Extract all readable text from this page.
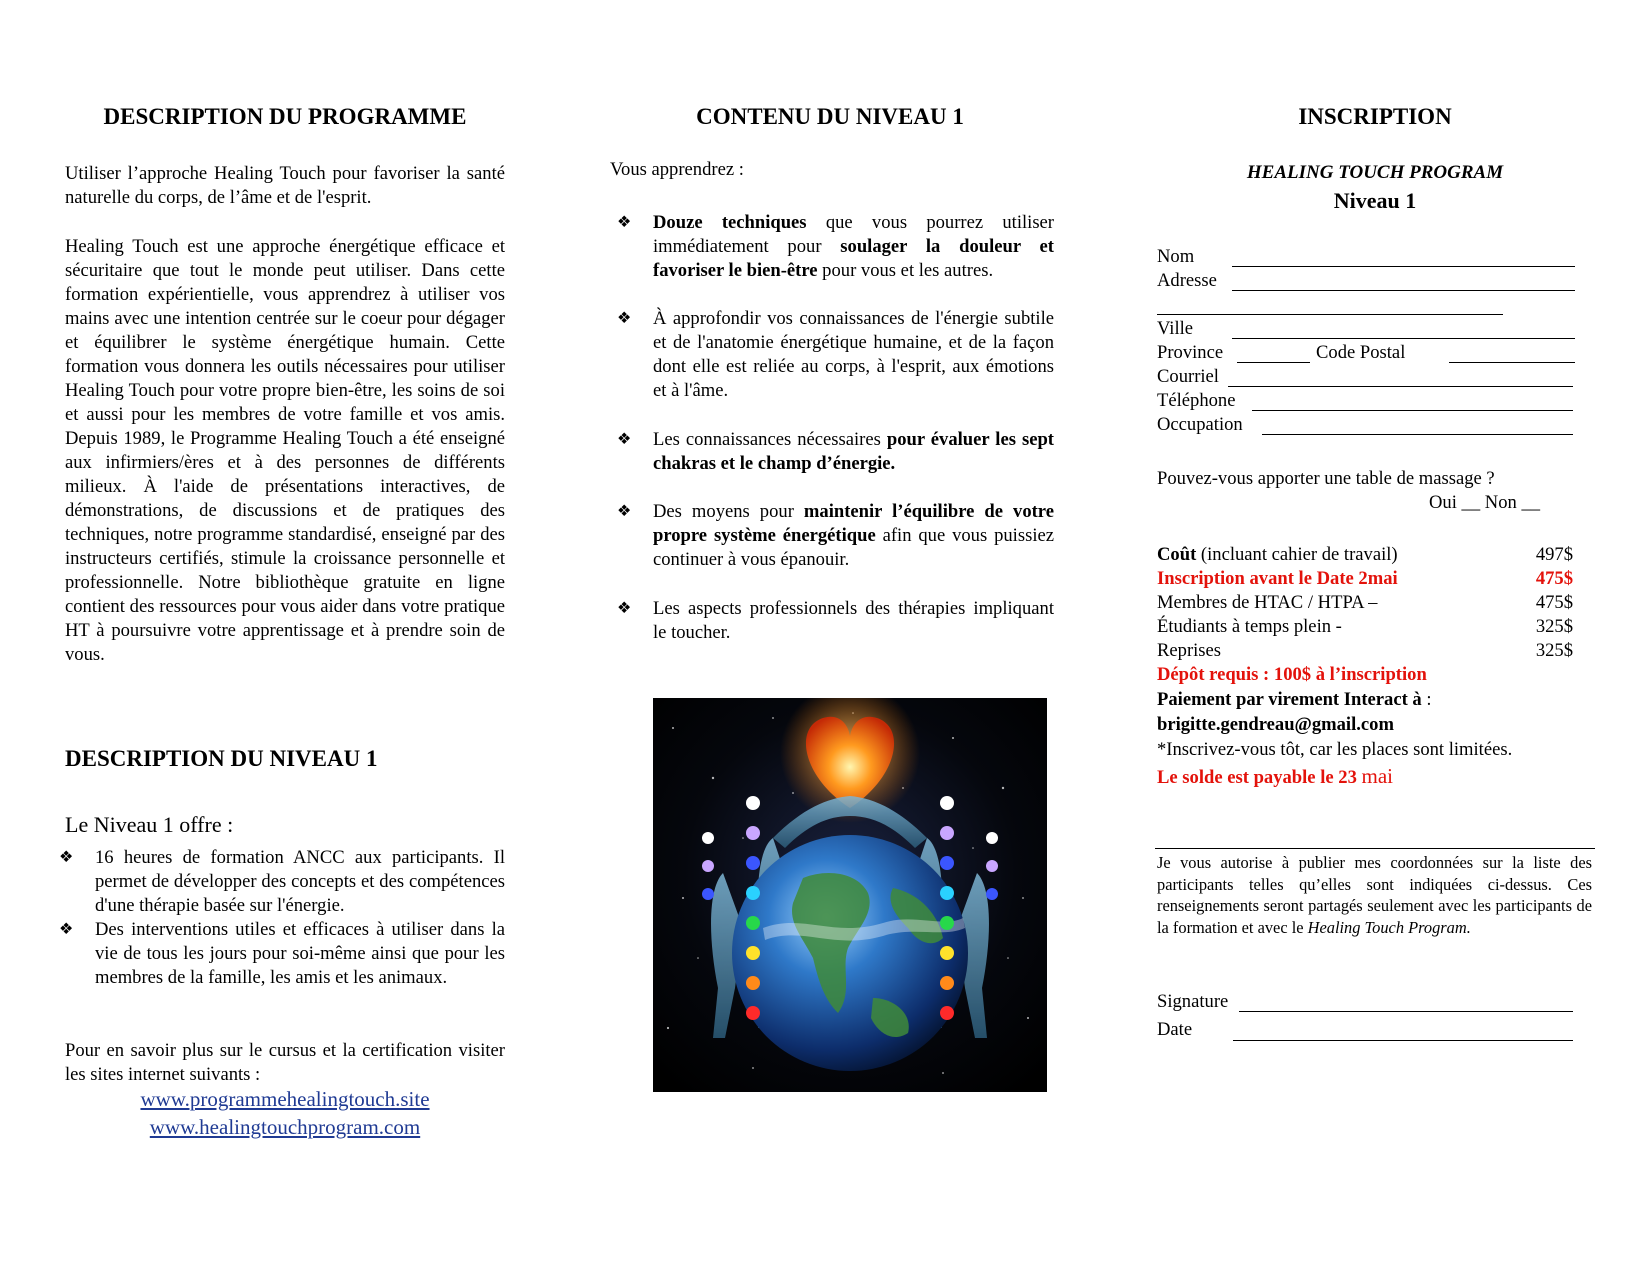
DESCRIPTION DU PROGRAMME

Utiliser l’approche Healing Touch pour favoriser la santé naturelle du corps, de l’âme et de l'esprit.

Healing Touch est une approche énergétique efficace et sécuritaire que tout le monde peut utiliser. Dans cette formation expérientielle, vous apprendrez à utiliser vos mains avec une intention centrée sur le coeur pour dégager et équilibrer le système énergétique humain. Cette formation vous donnera les outils nécessaires pour utiliser Healing Touch pour votre propre bien-être, les soins de soi et aussi pour les membres de votre famille et vos amis. Depuis 1989, le Programme Healing Touch a été enseigné aux infirmiers/ères et à des personnes de différents milieux. À l'aide de présentations interactives, de démonstrations, de discussions et de pratiques des techniques, notre programme standardisé, enseigné par des instructeurs certifiés, stimule la croissance personnelle et professionnelle. Notre bibliothèque gratuite en ligne contient des ressources pour vous aider dans votre pratique HT à poursuivre votre apprentissage et à prendre soin de vous.

DESCRIPTION DU NIVEAU 1
Le Niveau 1 offre :
❖ 16 heures de formation ANCC aux participants. Il permet de développer des concepts et des compétences d'une thérapie basée sur l'énergie.
❖ Des interventions utiles et efficaces à utiliser dans la vie de tous les jours pour soi-même ainsi que pour les membres de la famille, les amis et les animaux.

Pour en savoir plus sur le cursus et la certification visiter les sites internet suivants :

www.programmehealingtouch.site
www.healingtouchprogram.com
CONTENU DU NIVEAU 1
Vous apprendrez :
❖ Douze techniques que vous pourrez utiliser immédiatement pour soulager la douleur et favoriser le bien-être pour vous et les autres.
❖ À approfondir vos connaissances de l'énergie subtile et de l'anatomie énergétique humaine, et de la façon dont elle est reliée au corps, à l'esprit, aux émotions et à l'âme.
❖ Les connaissances nécessaires pour évaluer les sept chakras et le champ d’énergie.
❖ Des moyens pour maintenir l’équilibre de votre propre système énergétique afin que vous puissiez continuer à vous épanouir.
❖ Les aspects professionnels des thérapies impliquant le toucher.
INSCRIPTION
HEALING TOUCH PROGRAM
Niveau 1
Nom
Adresse
Ville
Province	Code Postal
Courriel
Téléphone
Occupation
Pouvez-vous apporter une table de massage ?
Oui __ Non __
Coût (incluant cahier de travail)	497$
Inscription avant le Date 2mai	475$
Membres de HTAC / HTPA –	475$
Étudiants à temps plein -	325$
Reprises	325$
Dépôt requis : 100$ à l’inscription
Paiement par virement Interact à :
brigitte.gendreau@gmail.com
*Inscrivez-vous tôt, car les places sont limitées.
Le solde est payable le 23 mai
Je vous autorise à publier mes coordonnées sur la liste des participants telles qu’elles sont indiquées ci-dessus. Ces renseignements seront partagés seulement avec les participants de la formation et avec le Healing Touch Program.
Signature
Date
